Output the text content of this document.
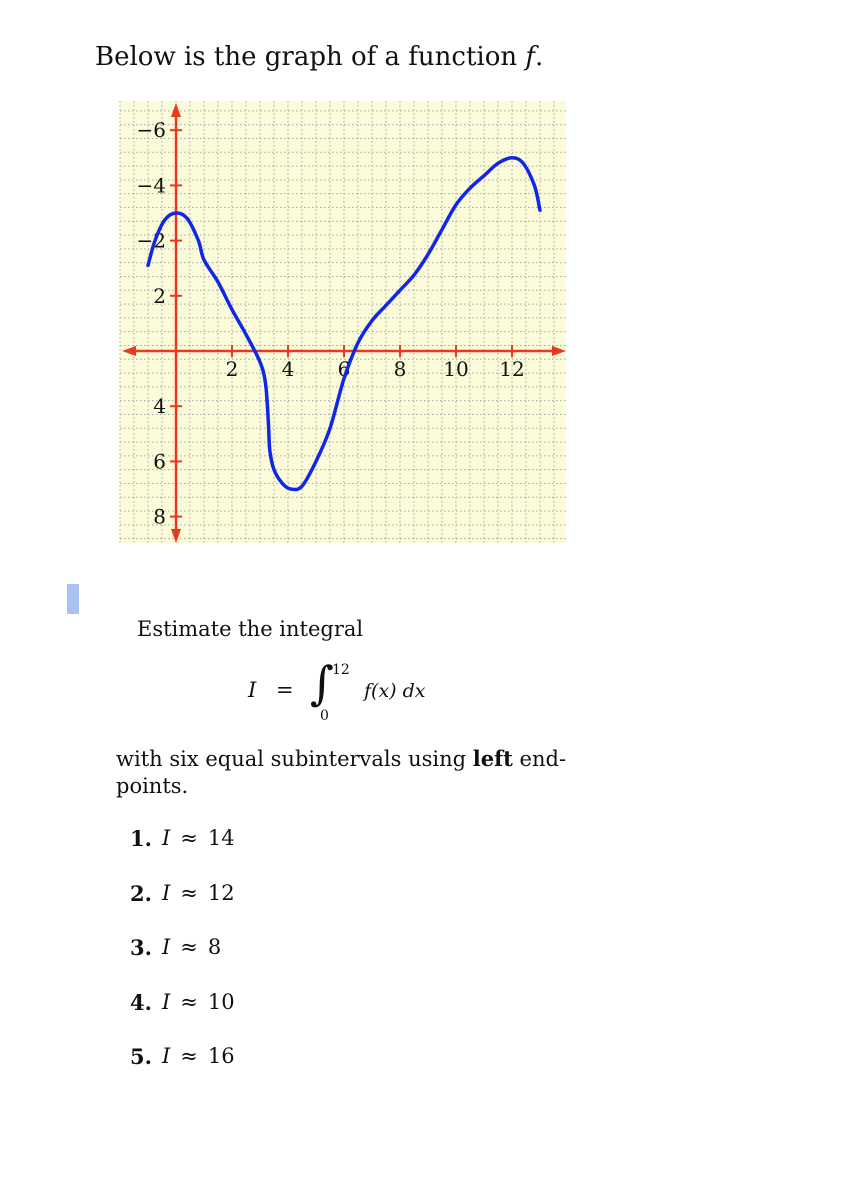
Below is the graph of a function f.
2 4 6 8 10 12
8
6
4
2
−2
−4
−6
Estimate the integral
I = ∫
12
0
f(x) dx
with six equal subintervals using left end-points.
1. I ≈ 14
2. I ≈ 12
3. I ≈ 8
4. I ≈ 10
5. I ≈ 16
